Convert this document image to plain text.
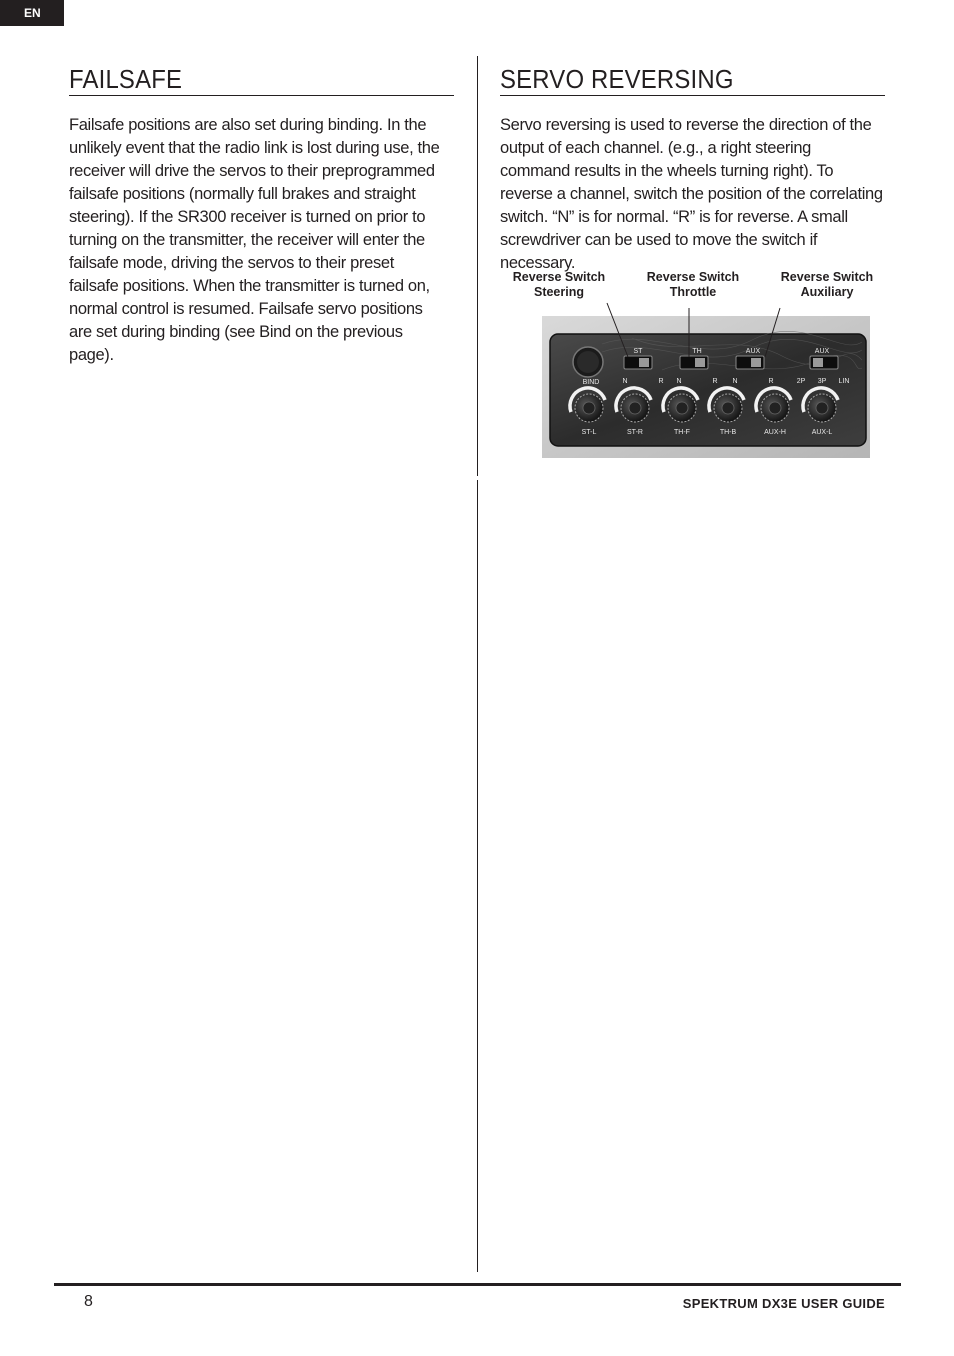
EN
FAILSAFE

Failsafe positions are also set during binding. In the unlikely event that the radio link is lost during use, the receiver will drive the servos to their preprogrammed failsafe positions (normally full brakes and straight steering). If the SR300 receiver is turned on prior to turning on the transmitter, the receiver will enter the failsafe mode, driving the servos to their preset failsafe positions. When the transmitter is turned on, normal control is resumed. Failsafe servo positions are set during binding (see Bind on the previous page).

SERVO REVERSING

Servo reversing is used to reverse the direction of the output of each channel. (e.g., a right steering command results in the wheels turning right). To reverse a channel, switch the position of the correlating switch. “N” is for normal. “R” is for reverse. A small screwdriver can be used to move the switch if necessary.

Reverse Switch
Steering
Reverse Switch
Throttle
Reverse Switch
Auxiliary
ST	TH	AUX	AUX
BIND	N	R N	R N	R	2P 3P LIN
ST-L	ST-R	TH-F	TH-B	AUX-H	AUX-L
8	SPEKTRUM DX3E USER GUIDE
